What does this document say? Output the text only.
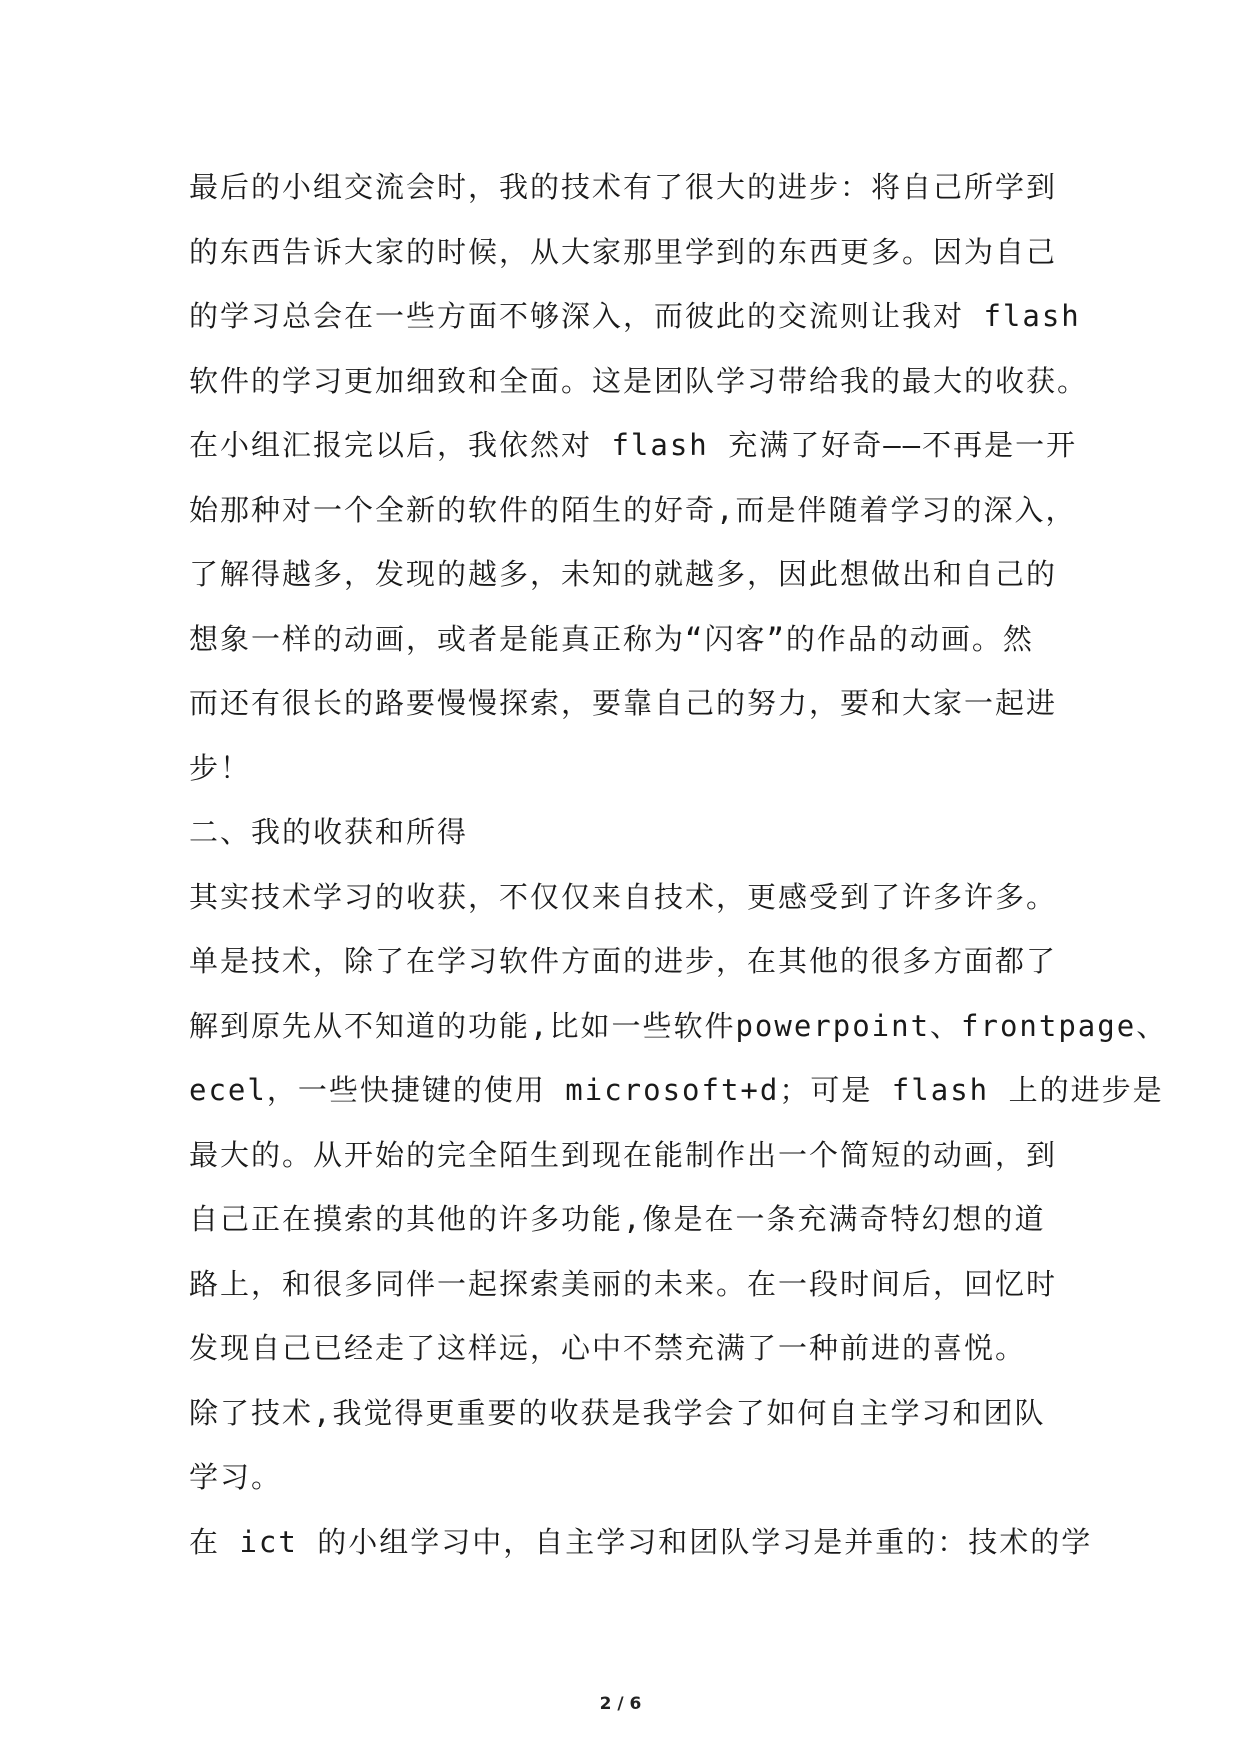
最后的小组交流会时，我的技术有了很大的进步：将自己所学到
的东西告诉大家的时候，从大家那里学到的东西更多。因为自己
的学习总会在一些方面不够深入，而彼此的交流则让我对 flash
软件的学习更加细致和全面。这是团队学习带给我的最大的收获。
在小组汇报完以后，我依然对 flash 充满了好奇——不再是一开
始那种对一个全新的软件的陌生的好奇,而是伴随着学习的深入，
了解得越多，发现的越多，未知的就越多，因此想做出和自己的
想象一样的动画，或者是能真正称为“闪客”的作品的动画。然
而还有很长的路要慢慢探索，要靠自己的努力，要和大家一起进
步！
二、我的收获和所得
其实技术学习的收获，不仅仅来自技术，更感受到了许多许多。
单是技术，除了在学习软件方面的进步，在其他的很多方面都了
解到原先从不知道的功能,比如一些软件powerpoint、frontpage、
ecel，一些快捷键的使用 microsoft+d；可是 flash 上的进步是
最大的。从开始的完全陌生到现在能制作出一个简短的动画，到
自己正在摸索的其他的许多功能,像是在一条充满奇特幻想的道
路上，和很多同伴一起探索美丽的未来。在一段时间后，回忆时
发现自己已经走了这样远，心中不禁充满了一种前进的喜悦。
除了技术,我觉得更重要的收获是我学会了如何自主学习和团队
学习。
在 ict 的小组学习中，自主学习和团队学习是并重的：技术的学
2 / 6
